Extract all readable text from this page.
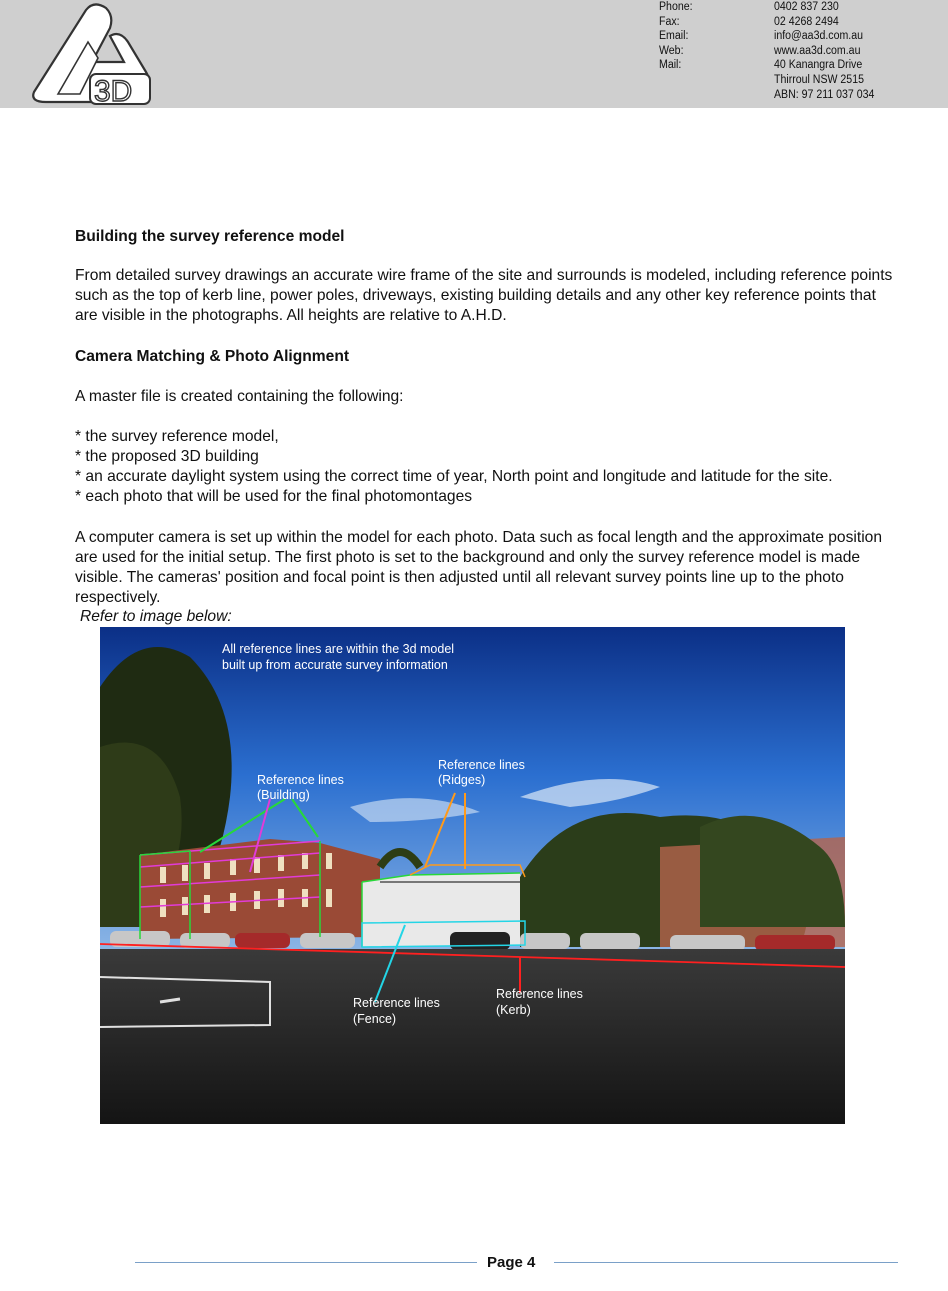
3D
Phone:
Fax:
Email:
Web:
Mail:
0402 837 230
02 4268 2494
info@aa3d.com.au
www.aa3d.com.au
40 Kanangra Drive
Thirroul NSW 2515
ABN: 97 211 037 034
Building the survey reference model

From detailed survey drawings an accurate wire frame of the site and surrounds is modeled, including reference points such as the top of kerb line, power poles, driveways, existing building details and any other key reference points that are visible in the photographs. All heights are relative to A.H.D.

Camera Matching & Photo Alignment

A master file is created containing the following:

* the survey reference model,
* the proposed 3D building
* an accurate daylight system using the correct time of year, North point and longitude and latitude for the site.
* each photo that will be used for the final photomontages

A computer camera is set up within the model for each photo. Data such as focal length and the approximate position are used for the initial setup. The first photo is set to the background and only the survey reference model is made visible. The cameras' position and focal point is then adjusted until all relevant survey points line up to the photo respectively.

Refer to image below:
All reference lines are within the 3d model
built up from accurate survey information
Reference lines
(Building)
Reference lines
(Ridges)
Reference lines
(Fence)
Reference lines
(Kerb)
Page 4
